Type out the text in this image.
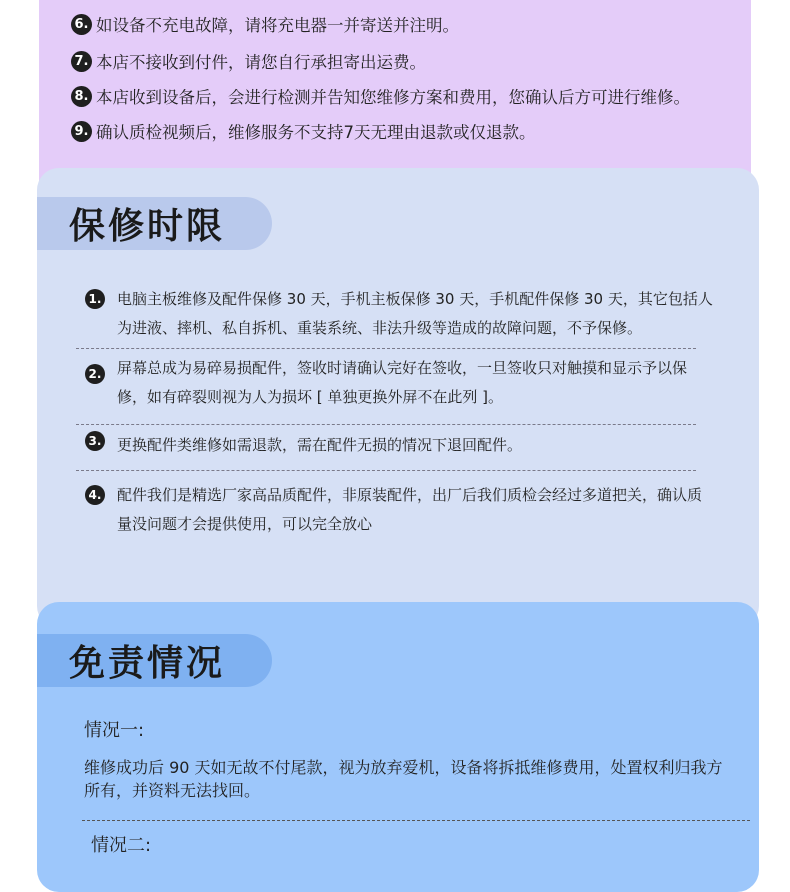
6. 如设备不充电故障，请将充电器一并寄送并注明。
7. 本店不接收到付件，请您自行承担寄出运费。
8. 本店收到设备后，会进行检测并告知您维修方案和费用，您确认后方可进行维修。
9. 确认质检视频后，维修服务不支持7天无理由退款或仅退款。
保修时限
1. 电脑主板维修及配件保修 30 天，手机主板保修 30 天，手机配件保修 30 天，其它包括人为进液、摔机、私自拆机、重装系统、非法升级等造成的故障问题，不予保修。
2. 屏幕总成为易碎易损配件，签收时请确认完好在签收，一旦签收只对触摸和显示予以保修，如有碎裂则视为人为损坏 [ 单独更换外屏不在此列 ]。
3. 更换配件类维修如需退款，需在配件无损的情况下退回配件。
4. 配件我们是精选厂家高品质配件，非原装配件，出厂后我们质检会经过多道把关，确认质量没问题才会提供使用，可以完全放心
免责情况
情况一:
维修成功后 90 天如无故不付尾款，视为放弃爱机，设备将拆抵维修费用，处置权利归我方所有，并资料无法找回。
情况二:
